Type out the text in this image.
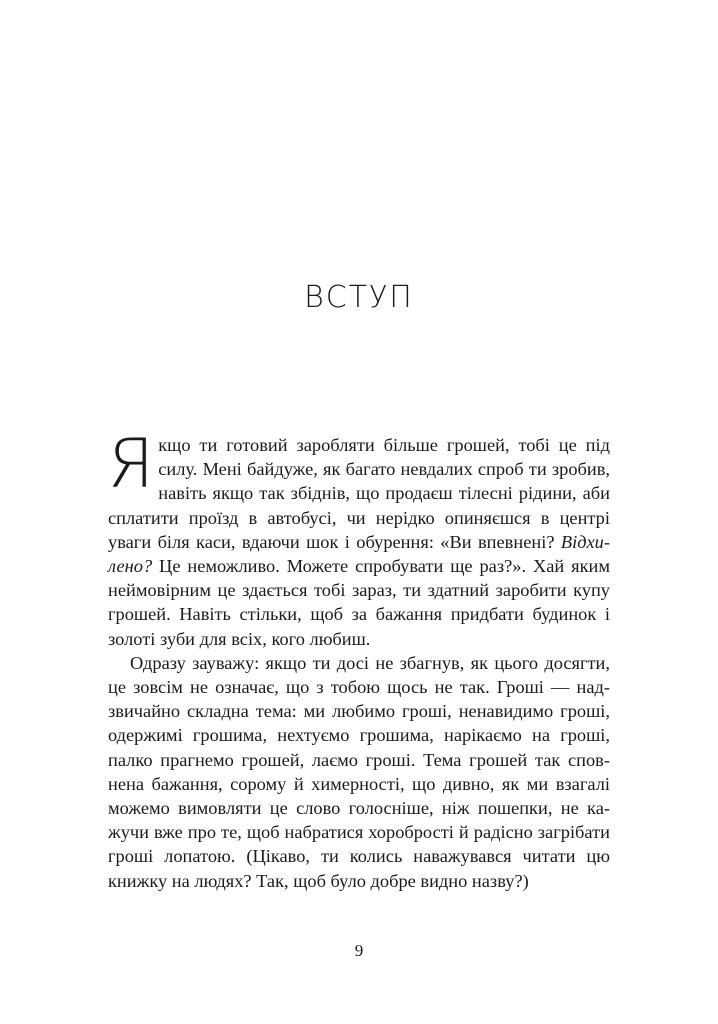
ВСТУП

Якщо ти готовий заробляти більше грошей, тобі це під силу. Мені байдуже, як багато невдалих спроб ти зробив, навіть якщо так збіднів, що продаєш тілесні рідини, аби сплатити проїзд в автобусі, чи нерідко опиняєшся в центрі уваги біля каси, вдаючи шок і обурення: «Ви впевнені? Відхилено? Це неможливо. Можете спробувати ще раз?». Хай яким неймовірним це здається тобі зараз, ти здатний заробити купу грошей. Навіть стільки, щоб за бажання придбати будинок і золоті зуби для всіх, кого любиш.

Одразу зауважу: якщо ти досі не збагнув, як цього досягти, це зовсім не означає, що з тобою щось не так. Гроші — надзвичайно складна тема: ми любимо гроші, ненавидимо гроші, одержимі грошима, нехтуємо грошима, нарікаємо на гроші, палко прагнемо грошей, лаємо гроші. Тема грошей так сповнена бажання, сорому й химерності, що дивно, як ми взагалі можемо вимовляти це слово голосніше, ніж пошепки, не кажучи вже про те, щоб набратися хоробрості й радісно загрібати гроші лопатою. (Цікаво, ти колись наважувався читати цю книжку на людях? Так, щоб було добре видно назву?)

9
